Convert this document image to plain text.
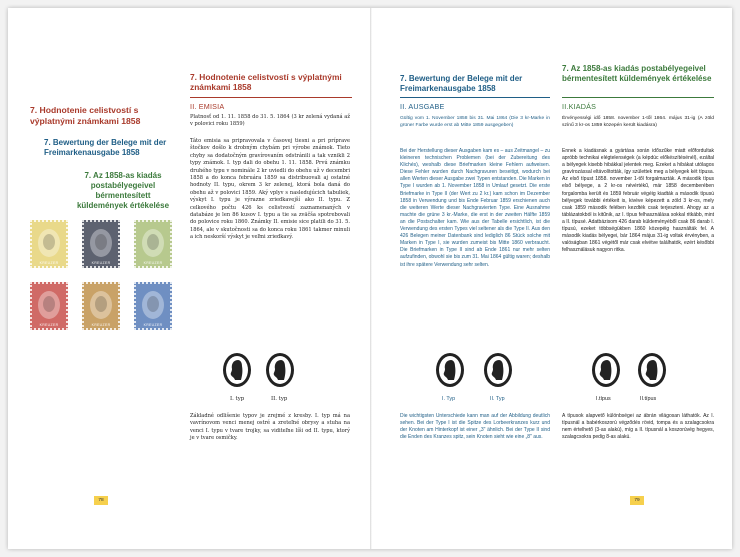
7. Hodnotenie celistvostí s výplatnými známkami 1858
7. Bewertung der Belege mit der Freimarkenausgabe 1858
7. Az 1858-as kiadás postabélyegeivel bérmentesített küldemények értékelése
KREUZER	KREUZER	KREUZER
KREUZER	KREUZER	KREUZER
7. Hodnotenie celistvostí s výplatnými známkami 1858
II. EMISIA
Platnosť od 1. 11. 1858 do 31. 5. 1864 (3 kr zelená vydaná až v polovici roku 1859)
Táto emisia sa pripravovala v časovej tiesni a pri príprave štočkov došlo k drobným chybám pri výrobe známok. Tieto chyby sa dodatočným gravírovaním odstránili a tak vznikli 2 typy známok. I. typ dali do obehu 1. 11. 1858. Prvú známku druhého typu v nominále 2 kr uviedli do obehu už v decembri 1858 a do konca februára 1859 sa distribuovali aj ostatné hodnoty II. typu, okrem 3 kr zelenej, ktorá bola daná do obehu až v polovici 1859. Aký vplyv s nasledujúcich tabuliek, výskyt I. typu je výrazne zriedkavejší ako II. typu. Z celkového počtu 426 ks celistvostí zaznamenaných v databáze je len 86 kusov I. typu a tie sa zväčša spotrebovali do polovice roku 1860. Známky II. emisie sice platili do 31. 5. 1864, ale v skutočnosti sa do konca roku 1861 takmer minuli a ich neskorší výskyt je veľmi zriedkavý.
I. typ	II. typ
Základné odlišenie typov je zrejmé z kresby. I. typ má na vavrínovom venci menej ostré a zreteľné obrysy a stuha na venci I. typu v tvare trojky, sa viditeľne líši od II. typu, ktorý je v tvare osmičky.
78
7. Bewertung der Belege mit der Freimarkenausgabe 1858
II. AUSGABE
Gültig vom 1. November 1858 bis 31. Mai 1864 (Die 3 kr-Marke in grüner Farbe wurde erst ab Mitte 1859 ausgegeben)
Bei der Herstellung dieser Ausgaben kam es – aus Zeitmangel – zu kleineren technischen Problemen (bei der Zubereitung des Klichés), weshalb diese Briefmarken kleine Fehlern aufweisen. Diese Fehler wurden durch Nachgravuren beseitigt, wodurch bei allen Werten dieser Ausgabe zwei Typen entstanden. Die Marken in Type I wurden ab 1. November 1858 in Umlauf gesetzt. Die erste Briefmarke in Type II (der Wert zu 2 kr.) kam schon im Dezember 1858 in Verwendung und bis Ende Februar 1859 erschienen auch die weiteren Werte dieser Nachgravierten Type. Eine Ausnahme machte die grüne 3 kr.-Marke, die erst in der zweiten Hälfte 1859 an die Postschalter kam. Wie aus der Tabelle ersichtlich, ist die Verwendung des ersten Types viel seltener als die Type II. Aus den 426 Belegen meiner Datenbank sind lediglich 86 Stück solche mit Marken in Type I, sie wurden zumeist bis Mitte 1860 verbraucht. Die Briefmarken in Type II sind ab Ende 1861 nur mehr selten aufzufinden, obwohl sie bis zum 31. Mai 1864 gültig waren; deshalb ist ihre spätere Verwendung sehr selten.
I. Typ	II. Typ
Die wichtigsten Unterschiede kann man auf der Abbildung deutlich sehen. Bei der Type I ist die Spitze des Lorbeerkranzes kurz und der Knoten am Hinterkopf ist einer „3" ähnlich. Bei der Type II sind die Enden des Kranzes spitz, sein Knoten sieht wie eine „8" aus.
7. Az 1858-as kiadás postabélyegeivel bérmentesített küldemények értékelése
II.KIADÁS
Érvényességi idő 1858. november 1-től 1864. május 31-ig (A zöld színű 3 kr-os 1859 közepén került kiadásra)
Ennek a kiadásnak a gyártása során időszűke miatt előfordultak apróbb technikai elégtelenségek (a képdúc előkészítésénél), ezáltal a bélyegek kisebb hibákkal jelentek meg. Ezeket a hibákat utólagos gravírozással eltávolították, így születtek meg a bélyegek két típusa. Az első típust 1858. november 1-től forgalmazták. A második típus első bélyege, a 2 kr-os névértékű, már 1858 decemberében forgalomba került és 1859 február végéig kiadták a második típusú bélyegek további értékeit is, kivéve képezett a zöld 3 kr-os, mely csak 1859 második felében kezdték csak terjeszteni. Ahogy az a táblázatokból is kitűnik, az I. típus felhasználása sokkal ritkább, mint a II. típusé. Adatbázisom 426 darab küldeményéből csak 86 darab I. típusú, ezeket többségükben 1860 közepéig használták fel. A második kiadás bélyegei, bár 1864 május 31-ig voltak érvényben, a valóságban 1861 végétől már csak elvétve találhatók, ezért későbbi felhasználásuk nagyon ritka.
I.típus	II.típus
A típusok alapvető különbségei az ábrán világosan láthatók. Az I. típusnál a babérkoszorú végződés rövid, tompa és a szalagcsokra nem értelhető (3-as alakú), míg a II. típusnál a koszorúvég hegyes, szalagcsokra pedig 8-as alakú.
79
